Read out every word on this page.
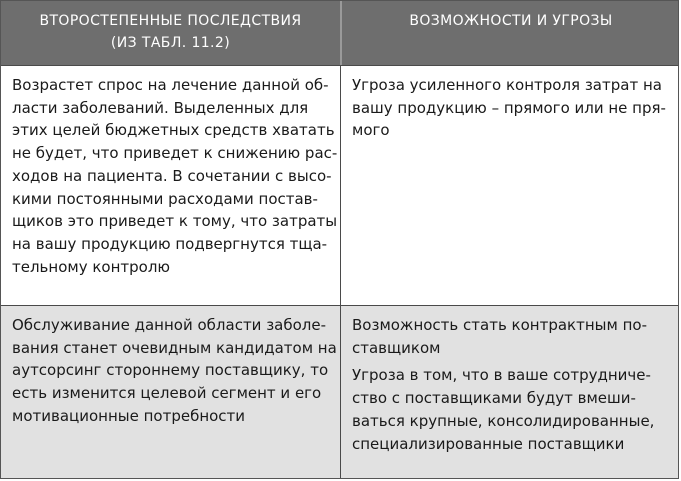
ВТОРОСТЕПЕННЫЕ ПОСЛЕДСТВИЯ
(ИЗ ТАБЛ. 11.2)
ВОЗМОЖНОСТИ И УГРОЗЫ
Возрастет спрос на лечение данной об-
ласти заболеваний. Выделенных для
этих целей бюджетных средств хватать
не будет, что приведет к снижению рас-
ходов на пациента. В сочетании с высо-
кими постоянными расходами постав-
щиков это приведет к тому, что затраты
на вашу продукцию подвергнутся тща-
тельному контролю
Угроза усиленного контроля затрат на
вашу продукцию – прямого или не пря-
мого
Обслуживание данной области заболе-
вания станет очевидным кандидатом на
аутсорсинг стороннему поставщику, то
есть изменится целевой сегмент и его
мотивационные потребности
Возможность стать контрактным по-
ставщиком
Угроза в том, что в ваше сотрудниче-
ство с поставщиками будут вмеши-
ваться крупные, консолидированные,
специализированные поставщики
